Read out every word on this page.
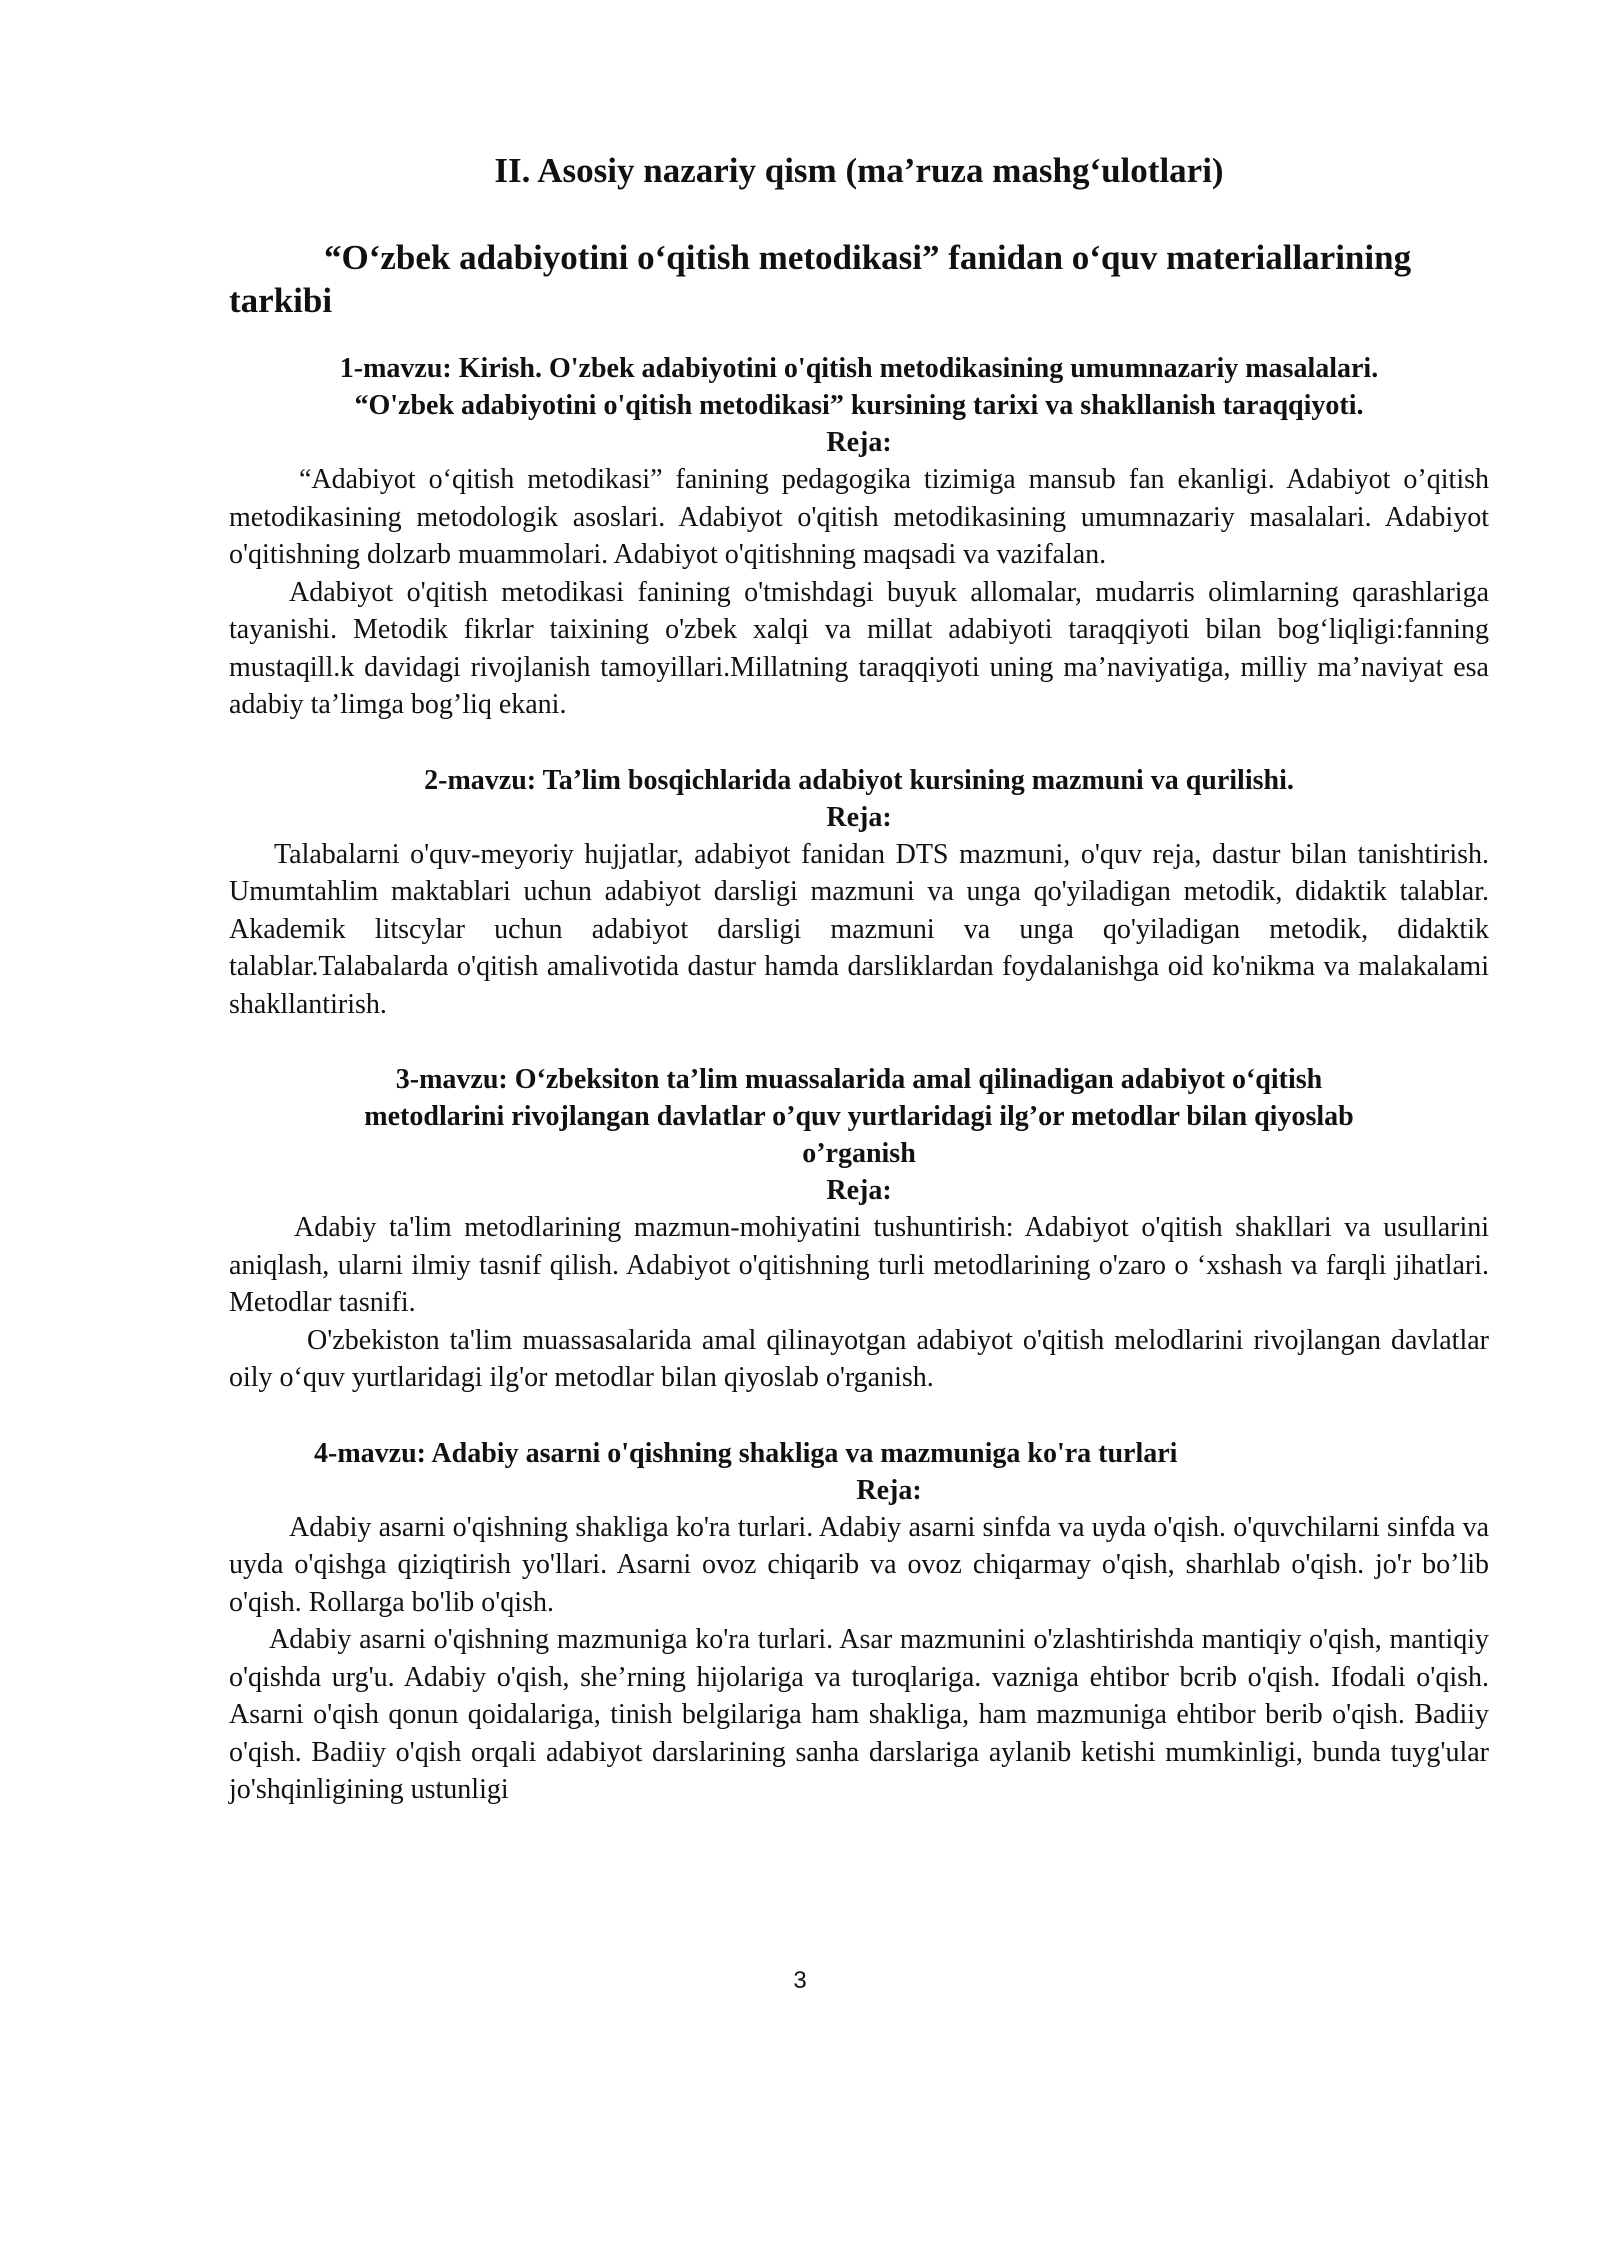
II. Asosiy nazariy qism (ma’ruza mashg‘ulotlari)
“O‘zbek adabiyotini o‘qitish metodikasi” fanidan o‘quv materiallarining tarkibi
1-mavzu: Kirish. O'zbek adabiyotini o'qitish metodikasining umumnazariy masalalari.
“O'zbek adabiyotini o'qitish metodikasi” kursining tarixi va shakllanish taraqqiyoti.
Reja:

“Adabiyot o‘qitish metodikasi” fanining pedagogika tizimiga mansub fan ekanligi. Adabiyot o’qitish metodikasining metodologik asoslari. Adabiyot o'qitish metodikasining umumnazariy masalalari. Adabiyot o'qitishning dolzarb muammolari. Adabiyot o'qitishning maqsadi va vazifalan.

Adabiyot o'qitish metodikasi fanining o'tmishdagi buyuk allomalar, mudarris olimlarning qarashlariga tayanishi. Metodik fikrlar taixining o'zbek xalqi va millat adabiyoti taraqqiyoti bilan bog‘liqligi:fanning mustaqill.k davidagi rivojlanish tamoyillari.Millatning taraqqiyoti uning ma’naviyatiga, milliy ma’naviyat esa adabiy ta’limga bog’liq ekani.

2-mavzu: Ta’lim bosqichlarida adabiyot kursining mazmuni va qurilishi.
Reja:

Talabalarni o'quv-meyoriy hujjatlar, adabiyot fanidan DTS mazmuni, o'quv reja, dastur bilan tanishtirish. Umumtahlim maktablari uchun adabiyot darsligi mazmuni va unga qo'yiladigan metodik, didaktik talablar. Akademik litscylar uchun adabiyot darsligi mazmuni va unga qo'yiladigan metodik, didaktik talablar.Talabalarda o'qitish amalivotida dastur hamda darsliklardan foydalanishga oid ko'nikma va malakalami shakllantirish.

3-mavzu: O‘zbeksiton ta’lim muassalarida amal qilinadigan adabiyot o‘qitish
metodlarini rivojlangan davlatlar o’quv yurtlaridagi ilg’or metodlar bilan qiyoslab
o’rganish
Reja:

Adabiy ta'lim metodlarining mazmun-mohiyatini tushuntirish: Adabiyot o'qitish shakllari va usullarini aniqlash, ularni ilmiy tasnif qilish. Adabiyot o'qitishning turli metodlarining o'zaro o ‘xshash va farqli jihatlari. Metodlar tasnifi.

O'zbekiston ta'lim muassasalarida amal qilinayotgan adabiyot o'qitish melodlarini rivojlangan davlatlar oily o‘quv yurtlaridagi ilg'or metodlar bilan qiyoslab o'rganish.

4-mavzu: Adabiy asarni o'qishning shakliga va mazmuniga ko'ra turlari
Reja:

Adabiy asarni o'qishning shakliga ko'ra turlari. Adabiy asarni sinfda va uyda o'qish. o'quvchilarni sinfda va uyda o'qishga qiziqtirish yo'llari. Asarni ovoz chiqarib va ovoz chiqarmay o'qish, sharhlab o'qish. jo'r bo’lib o'qish. Rollarga bo'lib o'qish.

Adabiy asarni o'qishning mazmuniga ko'ra turlari. Asar mazmunini o'zlashtirishda mantiqiy o'qish, mantiqiy o'qishda urg'u. Adabiy o'qish, she’rning hijolariga va turoqlariga. vazniga ehtibor bcrib o'qish. Ifodali o'qish. Asarni o'qish qonun qoidalariga, tinish belgilariga ham shakliga, ham mazmuniga ehtibor berib o'qish. Badiiy o'qish. Badiiy o'qish orqali adabiyot darslarining sanha darslariga aylanib ketishi mumkinligi, bunda tuyg'ular jo'shqinligining ustunligi

3
